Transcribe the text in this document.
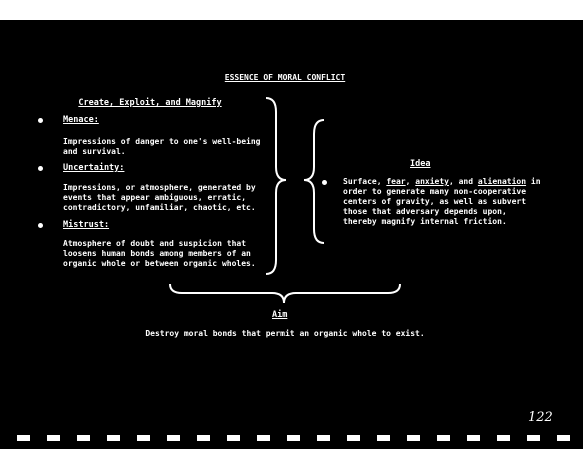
ESSENCE OF MORAL CONFLICT
Create, Exploit, and Magnify
Menace:
Impressions of danger to one's well-being
and survival.
Uncertainty:
Impressions, or atmosphere, generated by
events that appear ambiguous, erratic,
contradictory, unfamiliar, chaotic, etc.
Mistrust:
Atmosphere of doubt and suspicion that
loosens human bonds among members of an
organic whole or between organic wholes.
Idea
Surface, fear, anxiety, and alienation in
order to generate many non-cooperative
centers of gravity, as well as subvert
those that adversary depends upon,
thereby magnify internal friction.
Aim
Destroy moral bonds that permit an organic whole to exist.
122
